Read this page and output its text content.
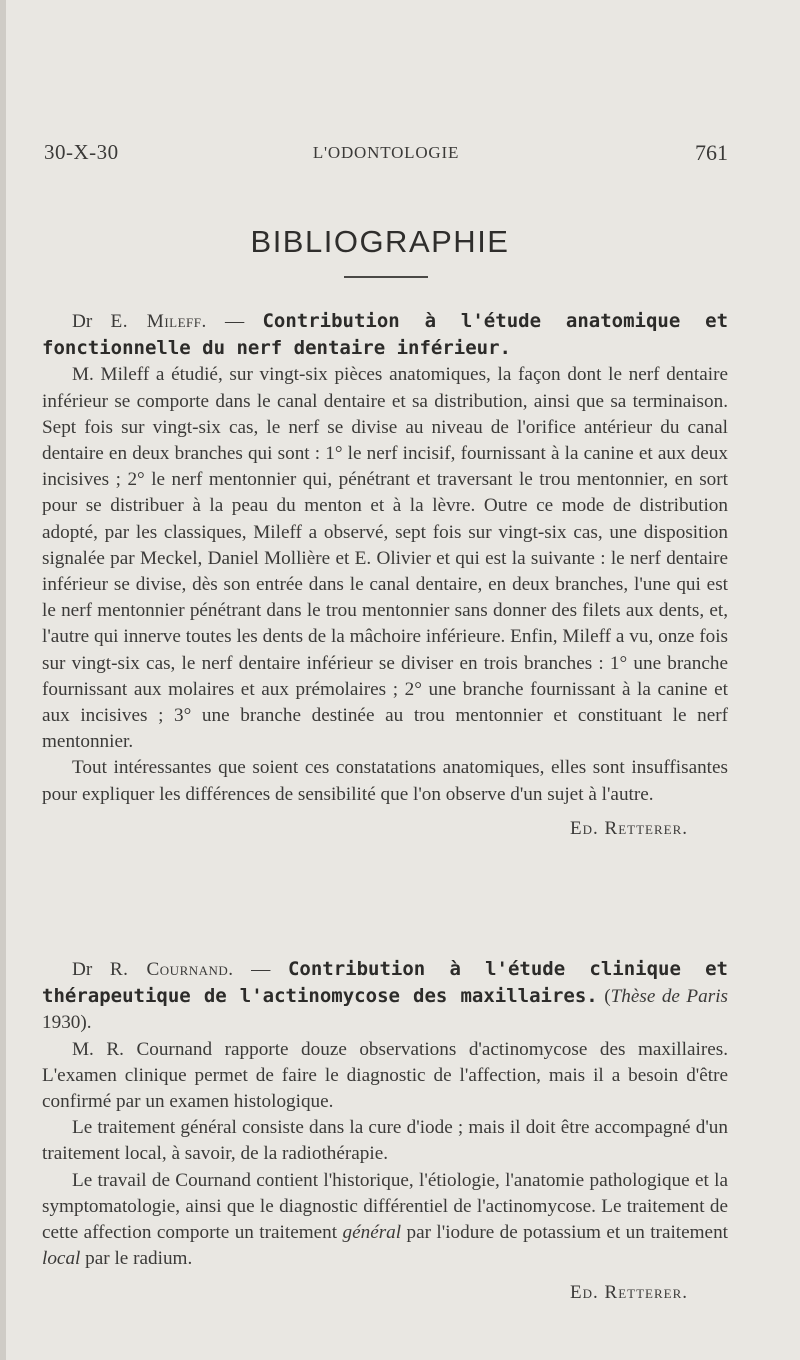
30-X-30	L'ODONTOLOGIE	761
BIBLIOGRAPHIE

Dr E. Mileff. — Contribution à l'étude anatomique et fonctionnelle du nerf dentaire inférieur.

M. Mileff a étudié, sur vingt-six pièces anatomiques, la façon dont le nerf dentaire inférieur se comporte dans le canal dentaire et sa distribution, ainsi que sa terminaison. Sept fois sur vingt-six cas, le nerf se divise au niveau de l'orifice antérieur du canal dentaire en deux branches qui sont : 1° le nerf incisif, fournissant à la canine et aux deux incisives ; 2° le nerf mentonnier qui, pénétrant et traversant le trou mentonnier, en sort pour se distribuer à la peau du menton et à la lèvre. Outre ce mode de distribution adopté, par les classiques, Mileff a observé, sept fois sur vingt-six cas, une disposition signalée par Meckel, Daniel Mollière et E. Olivier et qui est la suivante : le nerf dentaire inférieur se divise, dès son entrée dans le canal dentaire, en deux branches, l'une qui est le nerf mentonnier pénétrant dans le trou mentonnier sans donner des filets aux dents, et, l'autre qui innerve toutes les dents de la mâchoire inférieure. Enfin, Mileff a vu, onze fois sur vingt-six cas, le nerf dentaire inférieur se diviser en trois branches : 1° une branche fournissant aux molaires et aux prémolaires ; 2° une branche fournissant à la canine et aux incisives ; 3° une branche destinée au trou mentonnier et constituant le nerf mentonnier.

Tout intéressantes que soient ces constatations anatomiques, elles sont insuffisantes pour expliquer les différences de sensibilité que l'on observe d'un sujet à l'autre.

Ed. Retterer.

Dr R. Cournand. — Contribution à l'étude clinique et thérapeutique de l'actinomycose des maxillaires. (Thèse de Paris 1930).

M. R. Cournand rapporte douze observations d'actinomycose des maxillaires. L'examen clinique permet de faire le diagnostic de l'affection, mais il a besoin d'être confirmé par un examen histologique.

Le traitement général consiste dans la cure d'iode ; mais il doit être accompagné d'un traitement local, à savoir, de la radiothérapie.

Le travail de Cournand contient l'historique, l'étiologie, l'anatomie pathologique et la symptomatologie, ainsi que le diagnostic différentiel de l'actinomycose. Le traitement de cette affection comporte un traitement général par l'iodure de potassium et un traitement local par le radium.

Ed. Retterer.
